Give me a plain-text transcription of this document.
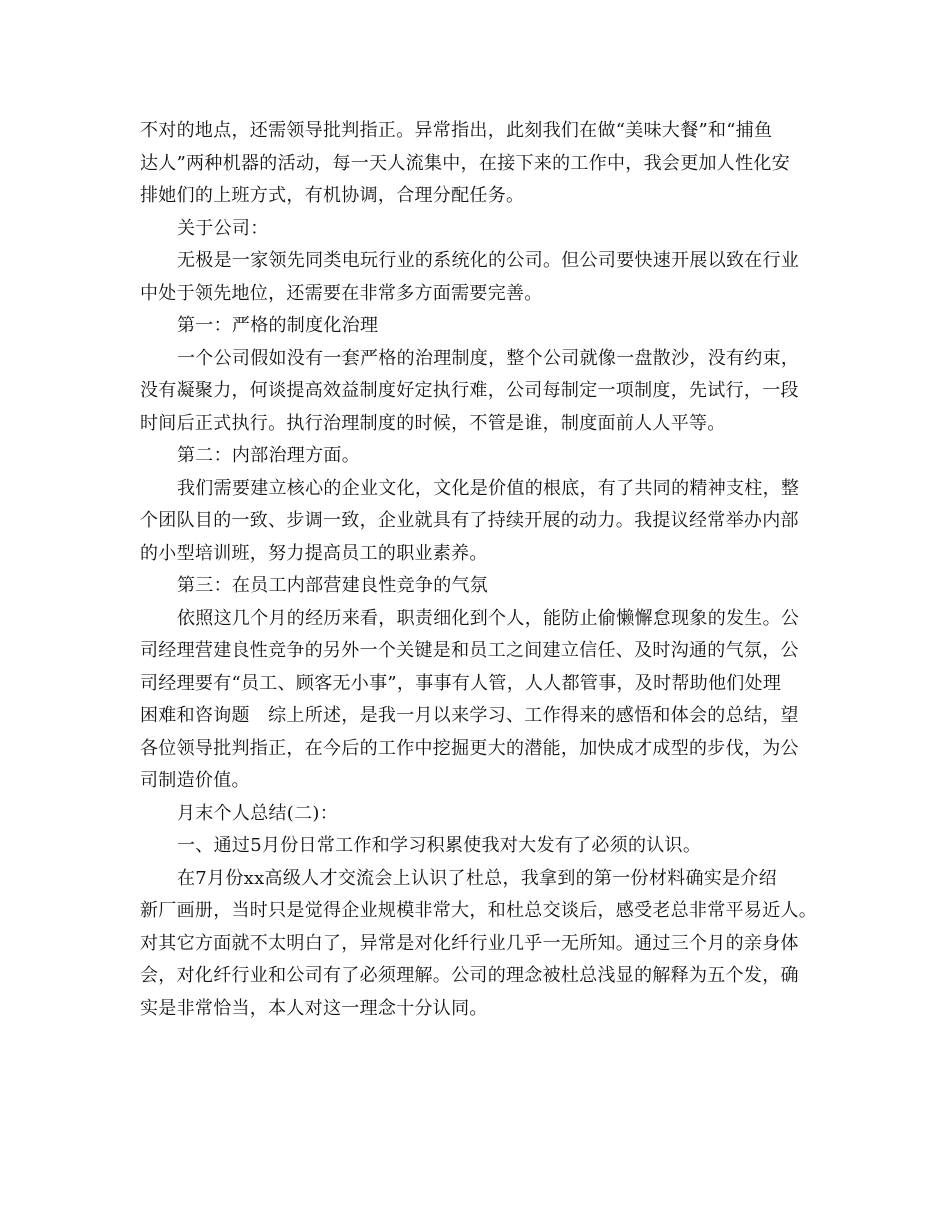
不对的地点，还需领导批判指正。异常指出，此刻我们在做“美味大餐”和“捕鱼
达人”两种机器的活动，每一天人流集中，在接下来的工作中，我会更加人性化安
排她们的上班方式，有机协调，合理分配任务。

关于公司：

无极是一家领先同类电玩行业的系统化的公司。但公司要快速开展以致在行业
中处于领先地位，还需要在非常多方面需要完善。

第一：严格的制度化治理

一个公司假如没有一套严格的治理制度，整个公司就像一盘散沙，没有约束，
没有凝聚力，何谈提高效益制度好定执行难，公司每制定一项制度，先试行，一段
时间后正式执行。执行治理制度的时候，不管是谁，制度面前人人平等。

第二：内部治理方面。

我们需要建立核心的企业文化，文化是价值的根底，有了共同的精神支柱，整
个团队目的一致、步调一致，企业就具有了持续开展的动力。我提议经常举办内部
的小型培训班，努力提高员工的职业素养。

第三：在员工内部营建良性竞争的气氛

依照这几个月的经历来看，职责细化到个人，能防止偷懒懈怠现象的发生。公
司经理营建良性竞争的另外一个关键是和员工之间建立信任、及时沟通的气氛，公
司经理要有“员工、顾客无小事”，事事有人管，人人都管事，及时帮助他们处理
困难和咨询题　综上所述，是我一月以来学习、工作得来的感悟和体会的总结，望
各位领导批判指正，在今后的工作中挖掘更大的潜能，加快成才成型的步伐，为公
司制造价值。

月末个人总结(二)：

一、通过5月份日常工作和学习积累使我对大发有了必须的认识。

在7月份xx高级人才交流会上认识了杜总，我拿到的第一份材料确实是介绍
新厂画册，当时只是觉得企业规模非常大，和杜总交谈后，感受老总非常平易近人。
对其它方面就不太明白了，异常是对化纤行业几乎一无所知。通过三个月的亲身体
会，对化纤行业和公司有了必须理解。公司的理念被杜总浅显的解释为五个发，确
实是非常恰当，本人对这一理念十分认同。
